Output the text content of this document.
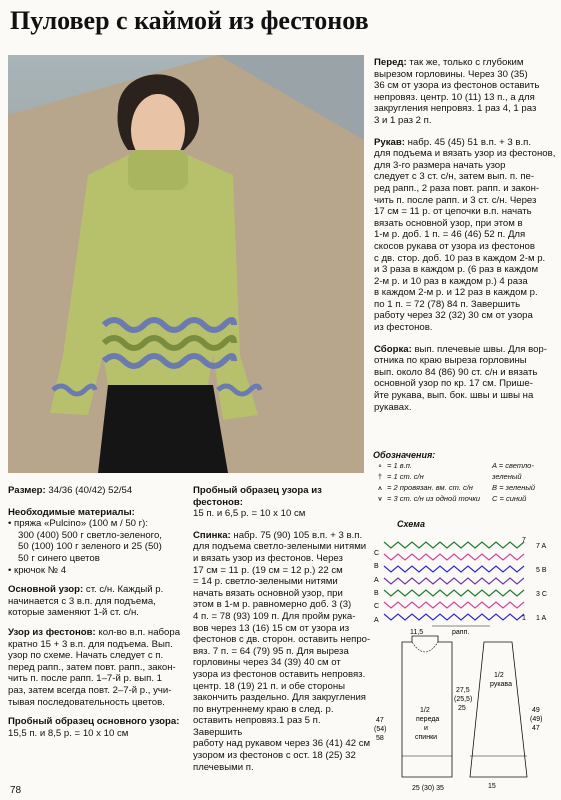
Пуловер с каймой из фестонов

Перед: так же, только с глубоким
вырезом горловины. Через 30 (35)
36 см от узора из фестонов оставить
непровяз. центр. 10 (11) 13 п., а для
закругления непровяз. 1 раз 4, 1 раз
3 и 1 раз 2 п.

Рукав: набр. 45 (45) 51 в.п. + 3 в.п.
для подъема и вязать узор из фестонов,
для 3-го размера начать узор
следует с 3 ст. с/н, затем вып. п. пе-
ред рапп., 2 раза повт. рапп. и закон-
чить п. после рапп. и 3 ст. с/н. Через
17 см = 11 р. от цепочки в.п. начать
вязать основной узор, при этом в
1-м р. доб. 1 п. = 46 (46) 52 п. Для
скосов рукава от узора из фестонов
с дв. стор. доб. 10 раз в каждом 2-м р.
и 3 раза в каждом р. (6 раз в каждом
2-м р. и 10 раз в каждом р.) 4 раза
в каждом 2-м р. и 12 раз в каждом р.
по 1 п. = 72 (78) 84 п. Завершить
работу через 32 (32) 30 см от узора
из фестонов.

Сборка: вып. плечевые швы. Для вор-
отника по краю выреза горловины
вып. около 84 (86) 90 ст. с/н и вязать
основной узор по кр. 17 см. Прише-
йте рукава, вып. бок. швы и швы на
рукавах.

Обозначения:
∘ = 1 в.п.	A = светло-
† = 1 ст. с/н	зеленый
⩚ = 2 провязан. вм. ст. с/н	B = зеленый
⩛ = 3 ст. с/н из одной точки	C = синий
Схема
C
B
A
B
C
A
7 A
5 B
3 C
1 A
7
1
рапп.
1/2
переда
и
спинки
1/2
рукава
25 (30) 35
47
(54)
58
27,5
(25,5)
25	49
(49)
47
11,5
15

Размер: 34/36 (40/42) 52/54

Необходимые материалы:
• пряжа «Pulcino» (100 м / 50 г):
300 (400) 500 г светло-зеленого,
50 (100) 100 г зеленого и 25 (50)
50 г синего цветов
• крючок № 4

Основной узор: ст. с/н. Каждый р.
начинается с 3 в.п. для подъема,
которые заменяют 1-й ст. с/н.

Узор из фестонов: кол-во в.п. набора
кратно 15 + 3 в.п. для подъема. Вып.
узор по схеме. Начать следует с п.
перед рапп., затем повт. рапп., закон-
чить п. после рапп. 1–7-й р. вып. 1
раз, затем всегда повт. 2–7-й р., учи-
тывая последовательность цветов.

Пробный образец основного узора:
15,5 п. и 8,5 р. = 10 х 10 см

Пробный образец узора из фестонов:
15 п. и 6,5 р. = 10 х 10 см

Спинка: набр. 75 (90) 105 в.п. + 3 в.п.
для подъема светло-зелеными нитями
и вязать узор из фестонов. Через
17 см = 11 р. (19 см = 12 р.) 22 см
= 14 р. светло-зелеными нитями
начать вязать основной узор, при
этом в 1-м р. равномерно доб. 3 (3)
4 п. = 78 (93) 109 п. Для пройм рука-
вов через 13 (16) 15 см от узора из
фестонов с дв. сторон. оставить непро-
вяз. 7 п. = 64 (79) 95 п. Для выреза
горловины через 34 (39) 40 см от
узора из фестонов оставить непровяз.
центр. 18 (19) 21 п. и обе стороны
закончить раздельно. Для закругления
по внутреннему краю в след. р.
оставить непровяз.1 раз 5 п. Завершить
работу над рукавом через 36 (41) 42 см
узором из фестонов с ост. 18 (25) 32
плечевыми п.

78
